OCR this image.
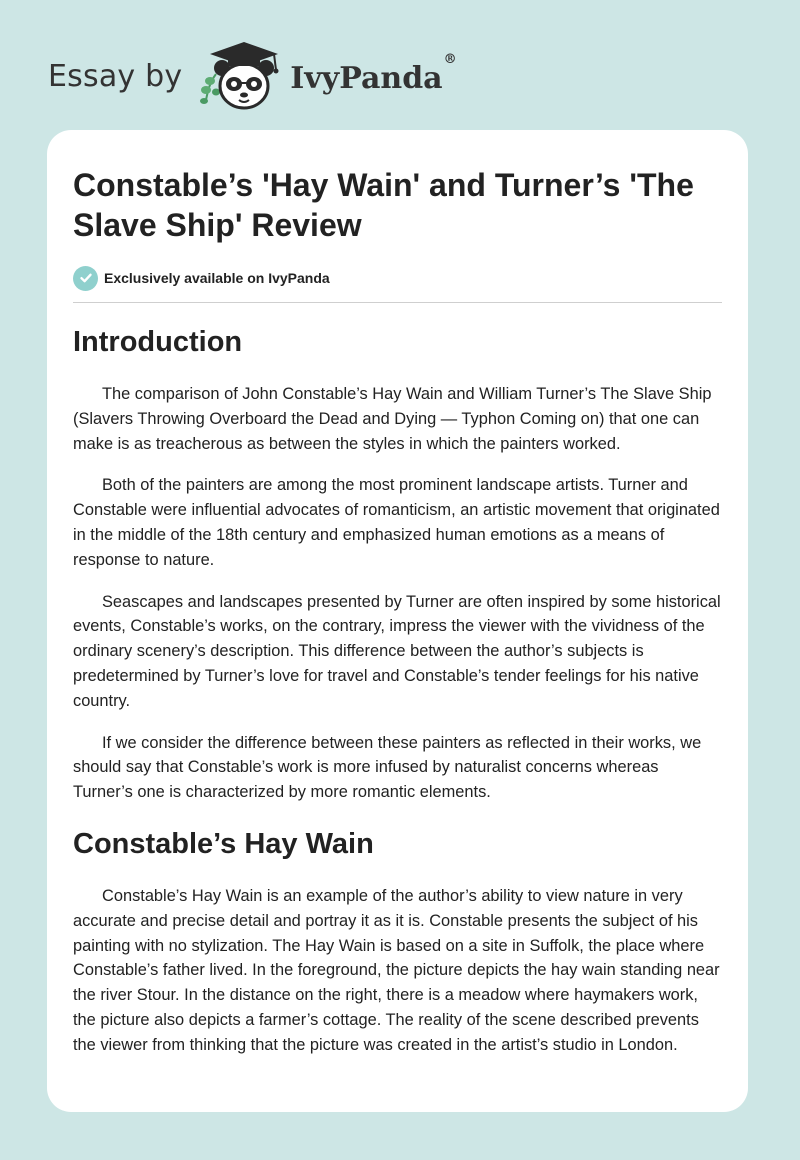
Essay by	IvyPanda®
Constable’s 'Hay Wain' and Turner’s 'The Slave Ship' Review
Exclusively available on IvyPanda
Introduction

The comparison of John Constable’s Hay Wain and William Turner’s The Slave Ship (Slavers Throwing Overboard the Dead and Dying — Typhon Coming on) that one can make is as treacherous as between the styles in which the painters worked.

Both of the painters are among the most prominent landscape artists. Turner and Constable were influential advocates of romanticism, an artistic movement that originated in the middle of the 18th century and emphasized human emotions as a means of response to nature.

Seascapes and landscapes presented by Turner are often inspired by some historical events, Constable’s works, on the contrary, impress the viewer with the vividness of the ordinary scenery’s description. This difference between the author’s subjects is predetermined by Turner’s love for travel and Constable’s tender feelings for his native country.

If we consider the difference between these painters as reflected in their works, we should say that Constable’s work is more infused by naturalist concerns whereas Turner’s one is characterized by more romantic elements.

Constable’s Hay Wain

Constable’s Hay Wain is an example of the author’s ability to view nature in very accurate and precise detail and portray it as it is. Constable presents the subject of his painting with no stylization. The Hay Wain is based on a site in Suffolk, the place where Constable’s father lived. In the foreground, the picture depicts the hay wain standing near the river Stour. In the distance on the right, there is a meadow where haymakers work, the picture also depicts a farmer’s cottage. The reality of the scene described prevents the viewer from thinking that the picture was created in the artist’s studio in London.
